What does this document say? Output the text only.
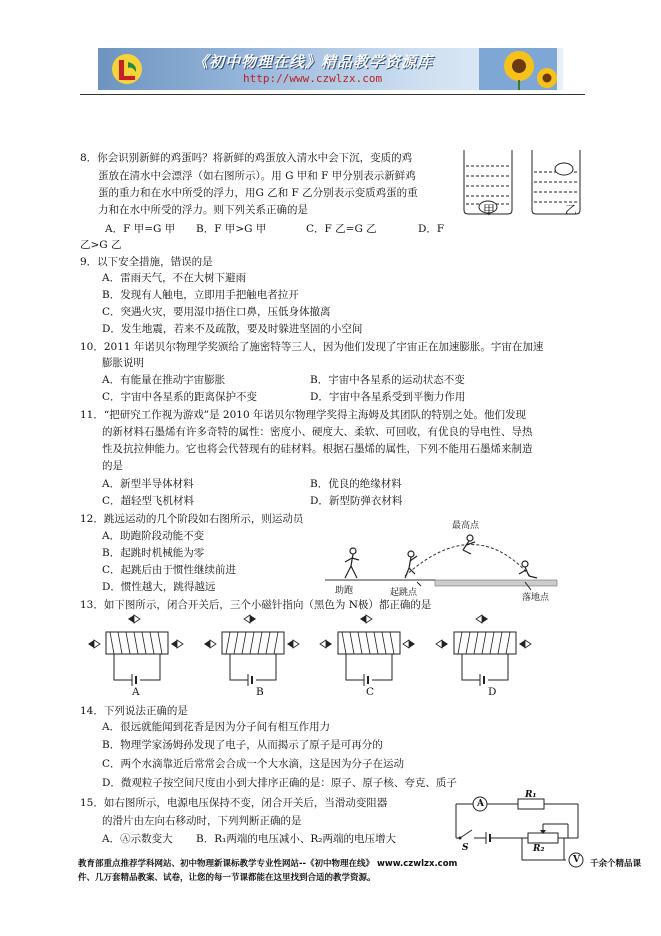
《初中物理在线》精品教学资源库
http://www.czwlzx.com
8．你会识别新鲜的鸡蛋吗？将新鲜的鸡蛋放入清水中会下沉，变质的鸡
蛋放在清水中会漂浮（如右图所示）。用 G 甲和 F 甲分别表示新鲜鸡
蛋的重力和在水中所受的浮力，用G 乙和 F 乙分别表示变质鸡蛋的重
力和在水中所受的浮力。则下列关系正确的是
A．F 甲=G 甲 B．F 甲>G 甲	C．F 乙=G 乙	D．F
乙>G 乙
甲	乙
9．以下安全措施，错误的是
A．雷雨天气，不在大树下避雨
B．发现有人触电，立即用手把触电者拉开
C．突遇火灾，要用湿巾捂住口鼻，压低身体撤离
D．发生地震，若来不及疏散，要及时躲进坚固的小空间
10．2011 年诺贝尔物理学奖颁给了施密特等三人，因为他们发现了宇宙正在加速膨胀。宇宙在加速
膨胀说明
A．有能量在推动宇宙膨胀	B．宇宙中各星系的运动状态不变
C．宇宙中各星系的距离保护不变	D．宇宙中各星系受到平衡力作用
11．“把研究工作视为游戏”是 2010 年诺贝尔物理学奖得主海姆及其团队的特别之处。他们发现
的新材料石墨烯有许多奇特的属性：密度小、硬度大、柔软、可回收，有优良的导电性、导热
性及抗拉伸能力。它也将会代替现有的硅材料。根据石墨烯的属性，下列不能用石墨烯来制造
的是
A．新型半导体材料	B．优良的绝缘材料
C．超轻型飞机材料	D．新型防弹衣材料
12．跳远运动的几个阶段如右图所示，则运动员
A．助跑阶段动能不变
B．起跳时机械能为零
C．起跳后由于惯性继续前进
D．惯性越大，跳得越远
最高点
助跑	起跳点	落地点
13．如下图所示，闭合开关后，三个小磁针指向（黑色为 N极）都正确的是
A	B	C	D
14．下列说法正确的是
A．很远就能闻到花香是因为分子间有相互作用力
B．物理学家汤姆孙发现了电子，从而揭示了原子是可再分的
C．两个水滴靠近后常常会合成一个大水滴，这是因为分子在运动
D．微观粒子按空间尺度由小到大排序正确的是：原子、原子核、夸克、质子
15．如右图所示，电源电压保持不变，闭合开关后，当滑动变阻器
的滑片由左向右移动时，下列判断正确的是
A．Ⓐ示数变大 B．R₁两端的电压减小、R₂两端的电压增大
A
R₁
R₂
S
V
教育部重点推荐学科网站、初中物理新课标教学专业性网站--《初中物理在线》 www.czwlzx.com	千余个精品课
件、几万套精品教案、试卷，让您的每一节课都能在这里找到合适的教学资源。
